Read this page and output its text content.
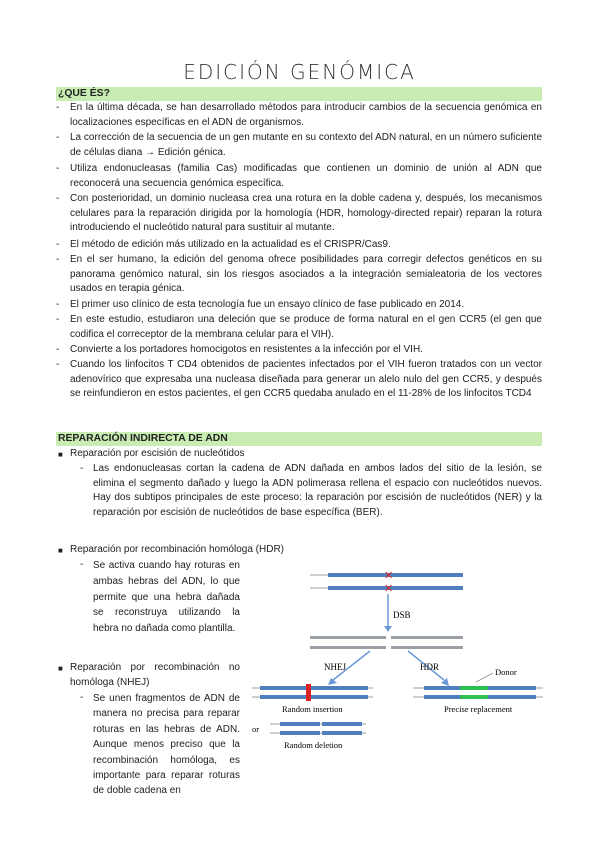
EDICIÓN GENÓMICA
¿QUE ÉS?
- En la última década, se han desarrollado métodos para introducir cambios de la secuencia genómica en localizaciones específicas en el ADN de organismos.
- La corrección de la secuencia de un gen mutante en su contexto del ADN natural, en un número suficiente de células diana → Edición génica.
- Utiliza endonucleasas (familia Cas) modificadas que contienen un dominio de unión al ADN que reconocerá una secuencia genómica específica.
- Con posterioridad, un dominio nucleasa crea una rotura en la doble cadena y, después, los mecanismos celulares para la reparación dirigida por la homología (HDR, homology-directed repair) reparan la rotura introduciendo el nucleótido natural para sustituir al mutante.
- El método de edición más utilizado en la actualidad es el CRISPR/Cas9.
- En el ser humano, la edición del genoma ofrece posibilidades para corregir defectos genéticos en su panorama genómico natural, sin los riesgos asociados a la integración semialeatoria de los vectores usados en terapia génica.
- El primer uso clínico de esta tecnología fue un ensayo clínico de fase publicado en 2014.
- En este estudio, estudiaron una deleción que se produce de forma natural en el gen CCR5 (el gen que codifica el correceptor de la membrana celular para el VIH).
- Convierte a los portadores homocigotos en resistentes a la infección por el VIH.
- Cuando los linfocitos T CD4 obtenidos de pacientes infectados por el VIH fueron tratados con un vector adenovírico que expresaba una nucleasa diseñada para generar un alelo nulo del gen CCR5, y después se reinfundieron en estos pacientes, el gen CCR5 quedaba anulado en el 11-28% de los linfocitos TCD4
REPARACIÓN INDIRECTA DE ADN
■ Reparación por escisión de nucleótidos
- Las endonucleasas cortan la cadena de ADN dañada en ambos lados del sitio de la lesión, se elimina el segmento dañado y luego la ADN polimerasa rellena el espacio con nucleótidos nuevos. Hay dos subtipos principales de este proceso: la reparación por escisión de nucleótidos (NER) y la reparación por escisión de nucleótidos de base específica (BER).
■ Reparación por recombinación homóloga (HDR)
- Se activa cuando hay roturas en ambas hebras del ADN, lo que permite que una hebra dañada se reconstruya utilizando la hebra no dañada como plantilla.
■ Reparación por recombinación no homóloga (NHEJ)
- Se unen fragmentos de ADN de manera no precisa para reparar roturas en las hebras de ADN. Aunque menos preciso que la recombinación homóloga, es importante para reparar roturas de doble cadena en
✕
✕
DSB
NHEJ	HDR	Donor
Random insertion
or
Random deletion
Precise replacement
